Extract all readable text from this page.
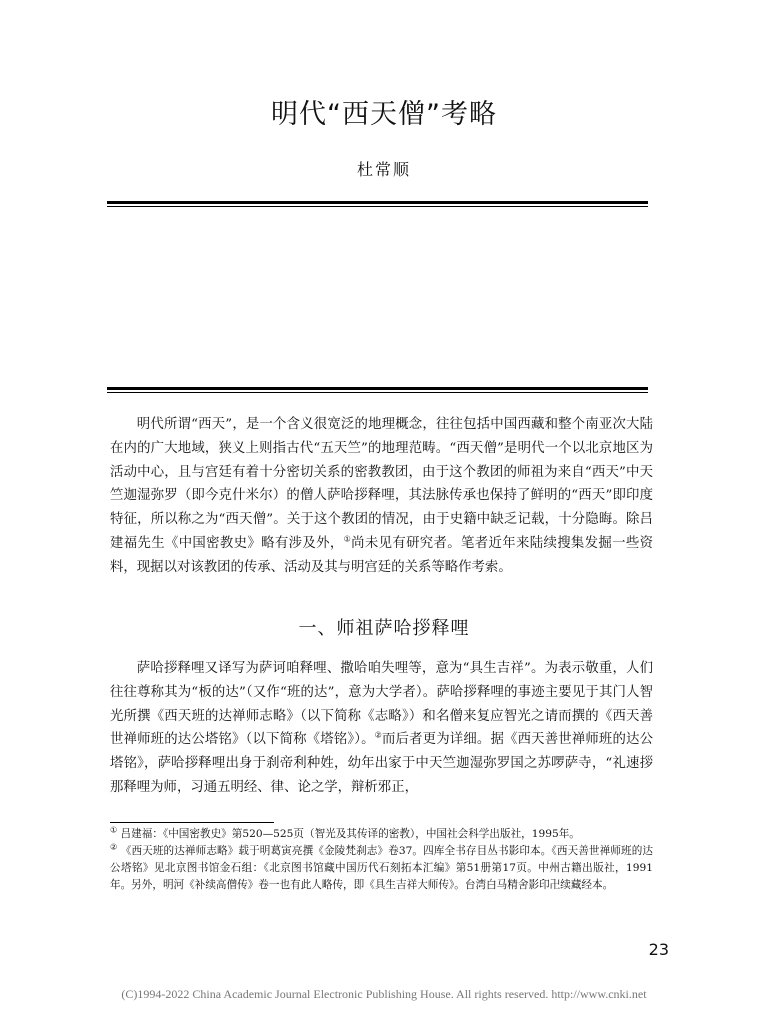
明代“西天僧”考略
杜常顺

明代所谓“西天”，是一个含义很宽泛的地理概念，往往包括中国西藏和整个南亚次大陆在内的广大地域，狭义上则指古代“五天竺”的地理范畴。“西天僧”是明代一个以北京地区为活动中心，且与宫廷有着十分密切关系的密教教团，由于这个教团的师祖为来自“西天”中天竺迦湿弥罗（即今克什米尔）的僧人萨哈拶释哩，其法脉传承也保持了鲜明的“西天”即印度特征，所以称之为“西天僧”。关于这个教团的情况，由于史籍中缺乏记载，十分隐晦。除吕建福先生《中国密教史》略有涉及外，①尚未见有研究者。笔者近年来陆续搜集发掘一些资料，现据以对该教团的传承、活动及其与明宫廷的关系等略作考索。

一、师祖萨哈拶释哩

萨哈拶释哩又译写为萨诃咱释哩、撒哈咱失哩等，意为“具生吉祥”。为表示敬重，人们往往尊称其为“板的达”（又作“班的达”，意为大学者）。萨哈拶释哩的事迹主要见于其门人智光所撰《西天班的达禅师志略》（以下简称《志略》）和名僧来复应智光之请而撰的《西天善世禅师班的达公塔铭》（以下简称《塔铭》）。②而后者更为详细。据《西天善世禅师班的达公塔铭》，萨哈拶释哩出身于刹帝利种姓，幼年出家于中天竺迦湿弥罗国之苏啰萨寺，“礼速拶那释哩为师，习通五明经、律、论之学，辩析邪正，

① 吕建福：《中国密教史》第520—525页（智光及其传译的密教），中国社会科学出版社，1995年。

② 《西天班的达禅师志略》载于明葛寅亮撰《金陵梵刹志》卷37。四库全书存目丛书影印本。《西天善世禅师班的达公塔铭》见北京图书馆金石组：《北京图书馆藏中国历代石刻拓本汇编》第51册第17页。中州古籍出版社，1991年。另外，明河《补续高僧传》卷一也有此人略传，即《具生吉祥大师传》。台湾白马精舍影印卍续藏经本。

23
(C)1994-2022 China Academic Journal Electronic Publishing House. All rights reserved. http://www.cnki.net
